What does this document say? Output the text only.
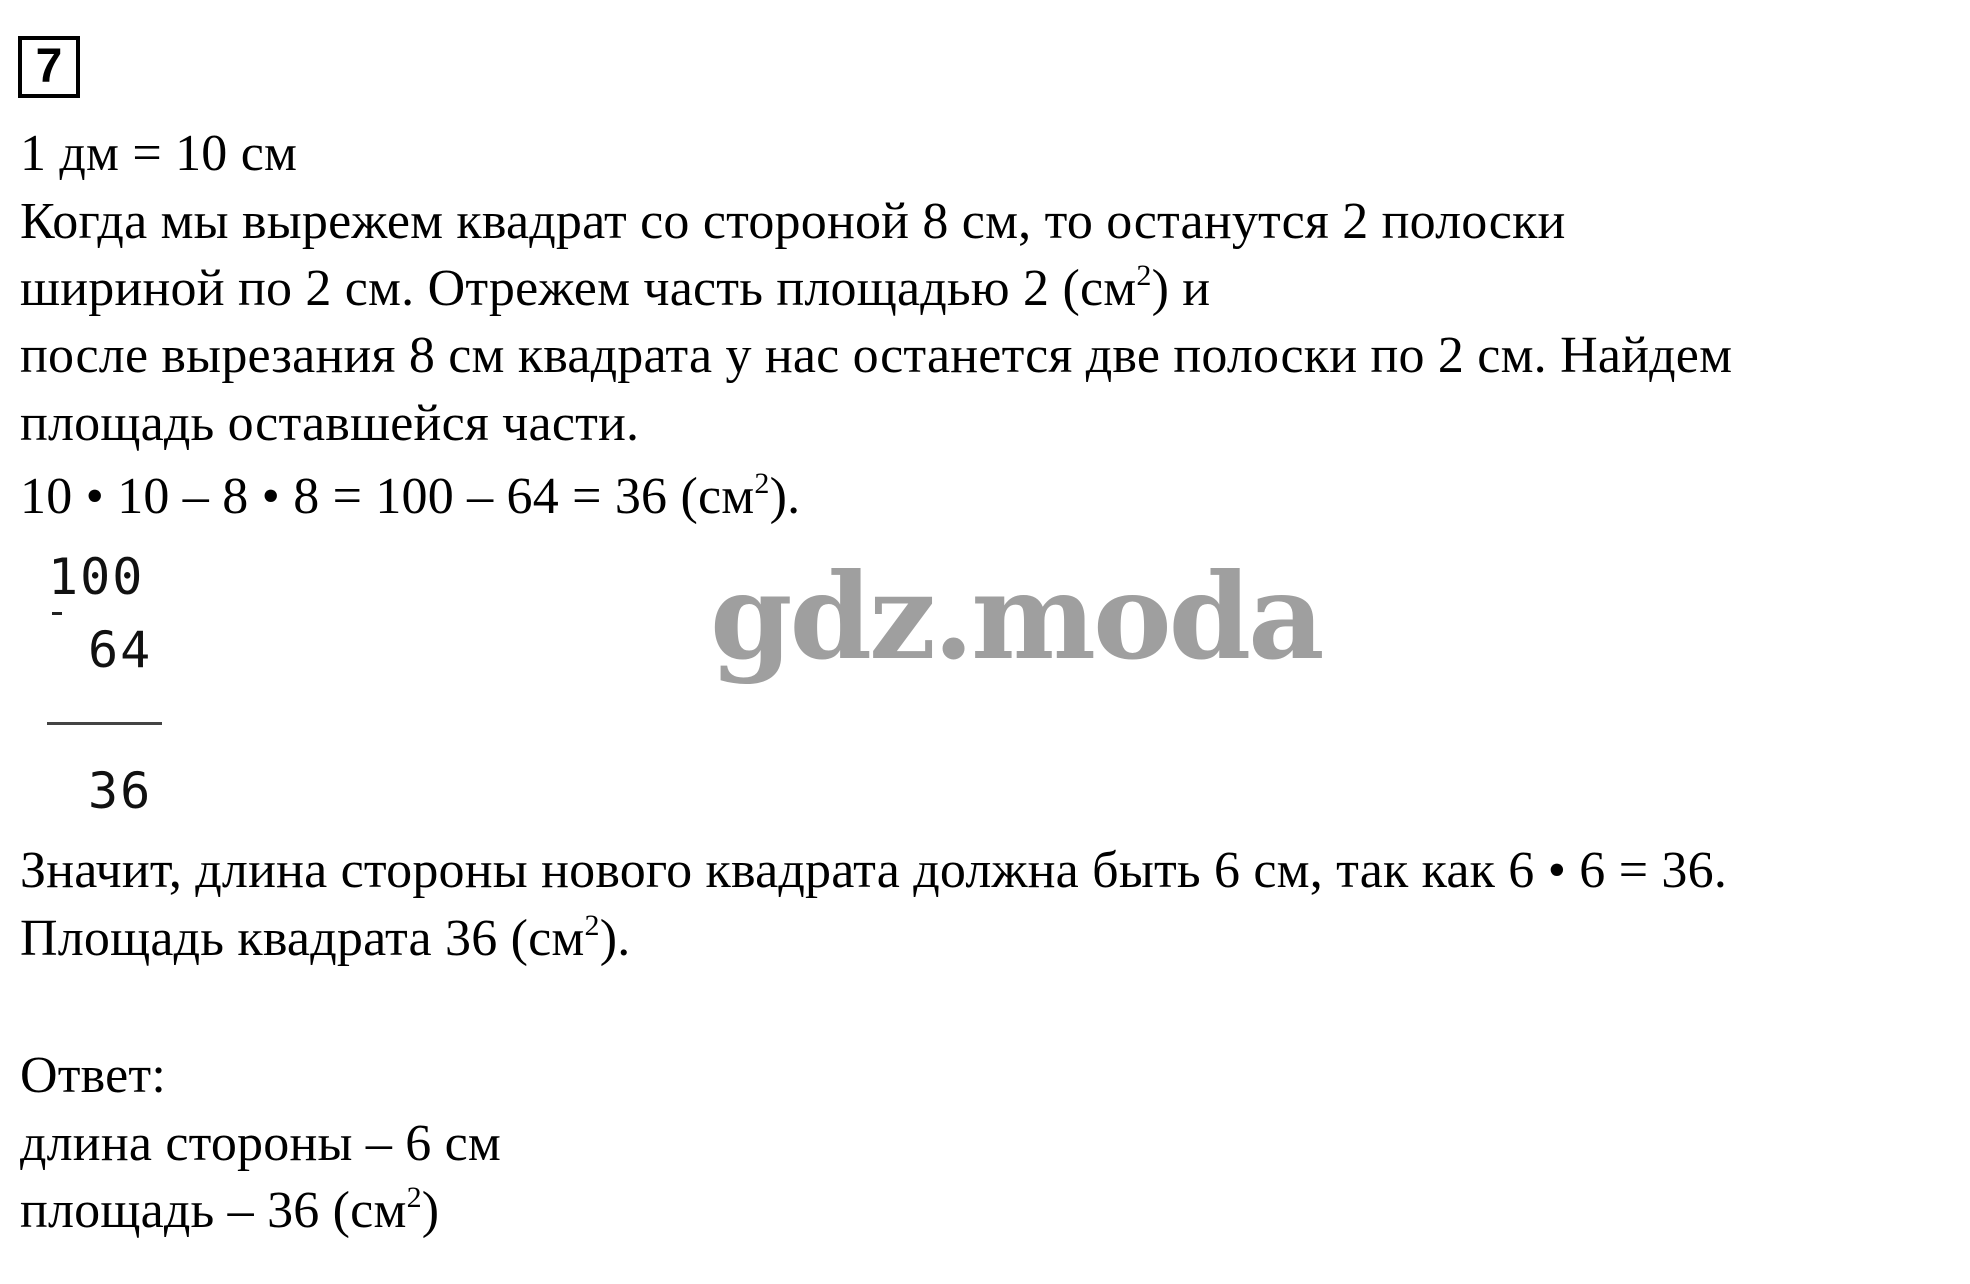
7
1 дм = 10 см
Когда мы вырежем квадрат со стороной 8 см, то останутся 2 полоски
шириной по 2 см. Отрежем часть площадью 2 $(см^2)$ и
после вырезания 8 см квадрата у нас останется две полоски по 2 см. Найдем
площадь оставшейся части.
10 • 10 – 8 • 8 = 100 – 64 = 36 $(см^2)$.
100
64
36
gdz.moda
Значит, длина стороны нового квадрата должна быть 6 см, так как 6 • 6 = 36.
Площадь квадрата 36 $(см^2)$.
Ответ:
длина стороны – 6 см
площадь – 36 $(см^2)$
